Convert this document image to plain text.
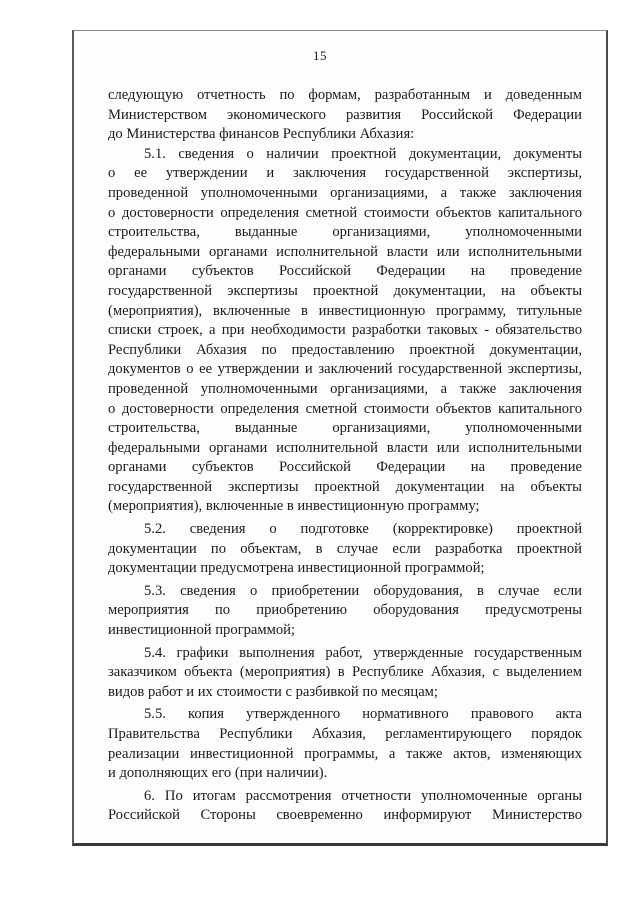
15
следующую отчетность по формам, разработанным и доведенным
Министерством экономического развития Российской Федерации
до Министерства финансов Республики Абхазия:
5.1. сведения о наличии проектной документации, документы
о ее утверждении и заключения государственной экспертизы,
проведенной уполномоченными организациями, а также заключения
о достоверности определения сметной стоимости объектов капитального
строительства, выданные организациями, уполномоченными
федеральными органами исполнительной власти или исполнительными
органами субъектов Российской Федерации на проведение
государственной экспертизы проектной документации, на объекты
(мероприятия), включенные в инвестиционную программу, титульные
списки строек, а при необходимости разработки таковых - обязательство
Республики Абхазия по предоставлению проектной документации,
документов о ее утверждении и заключений государственной экспертизы,
проведенной уполномоченными организациями, а также заключения
о достоверности определения сметной стоимости объектов капитального
строительства, выданные организациями, уполномоченными
федеральными органами исполнительной власти или исполнительными
органами субъектов Российской Федерации на проведение
государственной экспертизы проектной документации на объекты
(мероприятия), включенные в инвестиционную программу;
5.2. сведения о подготовке (корректировке) проектной
документации по объектам, в случае если разработка проектной
документации предусмотрена инвестиционной программой;
5.3. сведения о приобретении оборудования, в случае если
мероприятия по приобретению оборудования предусмотрены
инвестиционной программой;
5.4. графики выполнения работ, утвержденные государственным
заказчиком объекта (мероприятия) в Республике Абхазия, с выделением
видов работ и их стоимости с разбивкой по месяцам;
5.5. копия утвержденного нормативного правового акта
Правительства Республики Абхазия, регламентирующего порядок
реализации инвестиционной программы, а также актов, изменяющих
и дополняющих его (при наличии).
6. По итогам рассмотрения отчетности уполномоченные органы
Российской Стороны своевременно информируют Министерство
